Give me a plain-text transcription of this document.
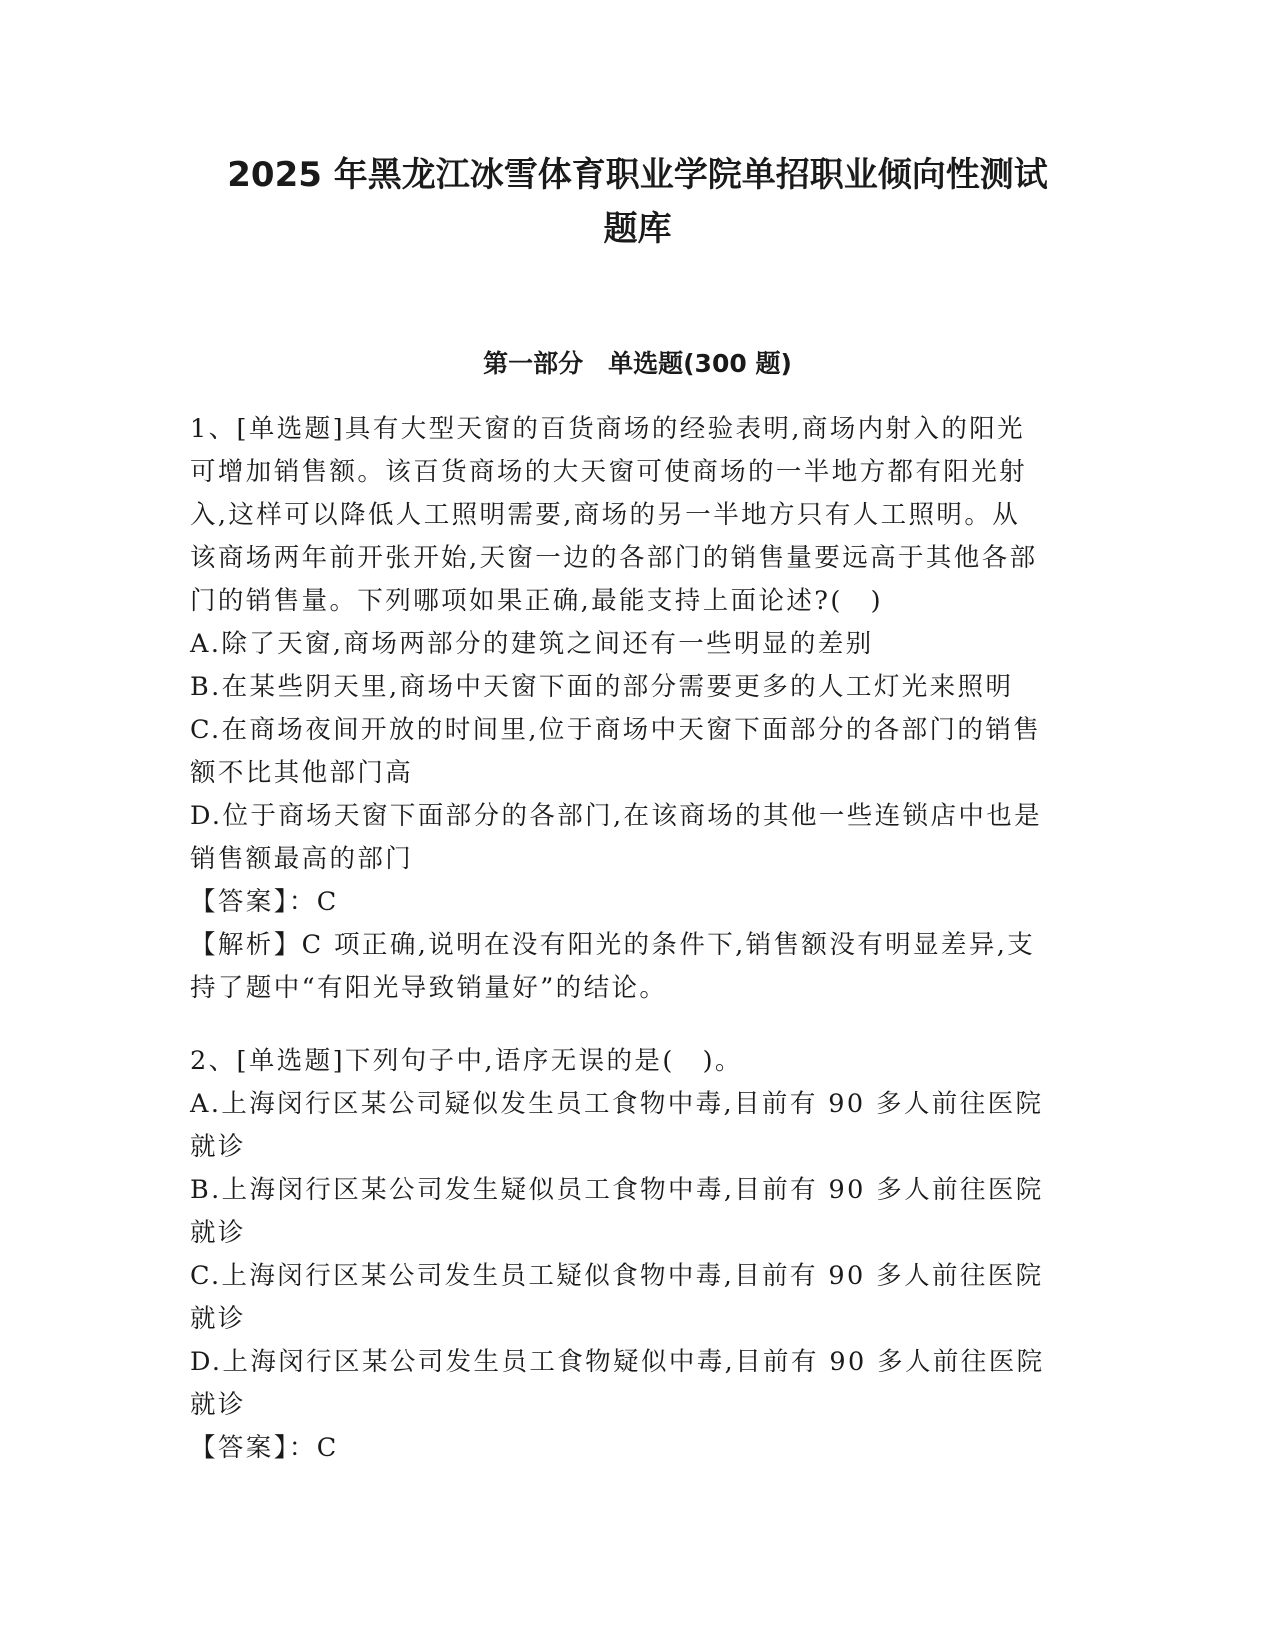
2025 年黑龙江冰雪体育职业学院单招职业倾向性测试
题库
第一部分　单选题(300 题)
1、[单选题]具有大型天窗的百货商场的经验表明,商场内射入的阳光
可增加销售额。该百货商场的大天窗可使商场的一半地方都有阳光射
入,这样可以降低人工照明需要,商场的另一半地方只有人工照明。从
该商场两年前开张开始,天窗一边的各部门的销售量要远高于其他各部
门的销售量。下列哪项如果正确,最能支持上面论述?(　)
A.除了天窗,商场两部分的建筑之间还有一些明显的差别
B.在某些阴天里,商场中天窗下面的部分需要更多的人工灯光来照明
C.在商场夜间开放的时间里,位于商场中天窗下面部分的各部门的销售
额不比其他部门高
D.位于商场天窗下面部分的各部门,在该商场的其他一些连锁店中也是
销售额最高的部门
【答案】：C
【解析】C 项正确,说明在没有阳光的条件下,销售额没有明显差异,支
持了题中“有阳光导致销量好”的结论。
2、[单选题]下列句子中,语序无误的是(　)。
A.上海闵行区某公司疑似发生员工食物中毒,目前有 90 多人前往医院
就诊
B.上海闵行区某公司发生疑似员工食物中毒,目前有 90 多人前往医院
就诊
C.上海闵行区某公司发生员工疑似食物中毒,目前有 90 多人前往医院
就诊
D.上海闵行区某公司发生员工食物疑似中毒,目前有 90 多人前往医院
就诊
【答案】：C
